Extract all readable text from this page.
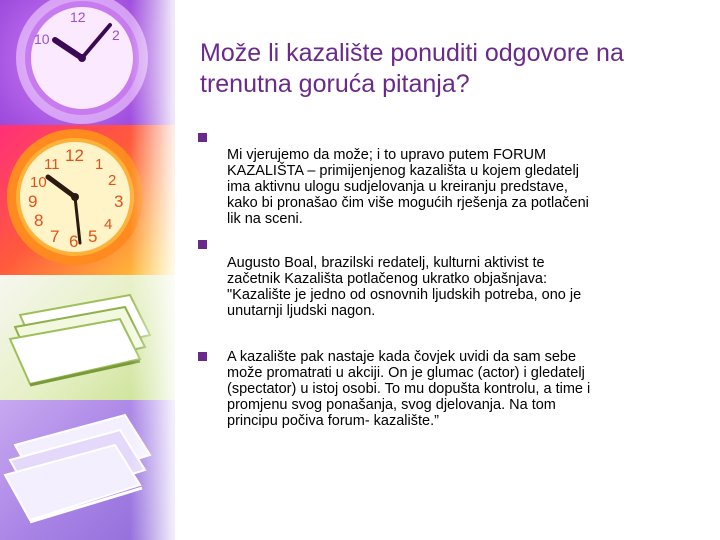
12
2
10
12 1
2
3
4
5
6
7
8
9
10
11
Može li kazalište ponuditi odgovore na
trenutna goruća pitanja?
Mi vjerujemo da može; i to upravo putem FORUM
KAZALIŠTA – primijenjenog kazališta u kojem gledatelj
ima aktivnu ulogu sudjelovanja u kreiranju predstave,
kako bi pronašao čim više mogućih rješenja za potlačeni
lik na sceni.
Augusto Boal, brazilski redatelj, kulturni aktivist te
začetnik Kazališta potlačenog ukratko objašnjava:
"Kazalište je jedno od osnovnih ljudskih potreba, ono je
unutarnji ljudski nagon.
A kazalište pak nastaje kada čovjek uvidi da sam sebe
može promatrati u akciji. On je glumac (actor) i gledatelj
(spectator) u istoj osobi. To mu dopušta kontrolu, a time i
promjenu svog ponašanja, svog djelovanja. Na tom
principu počiva forum- kazalište.”
